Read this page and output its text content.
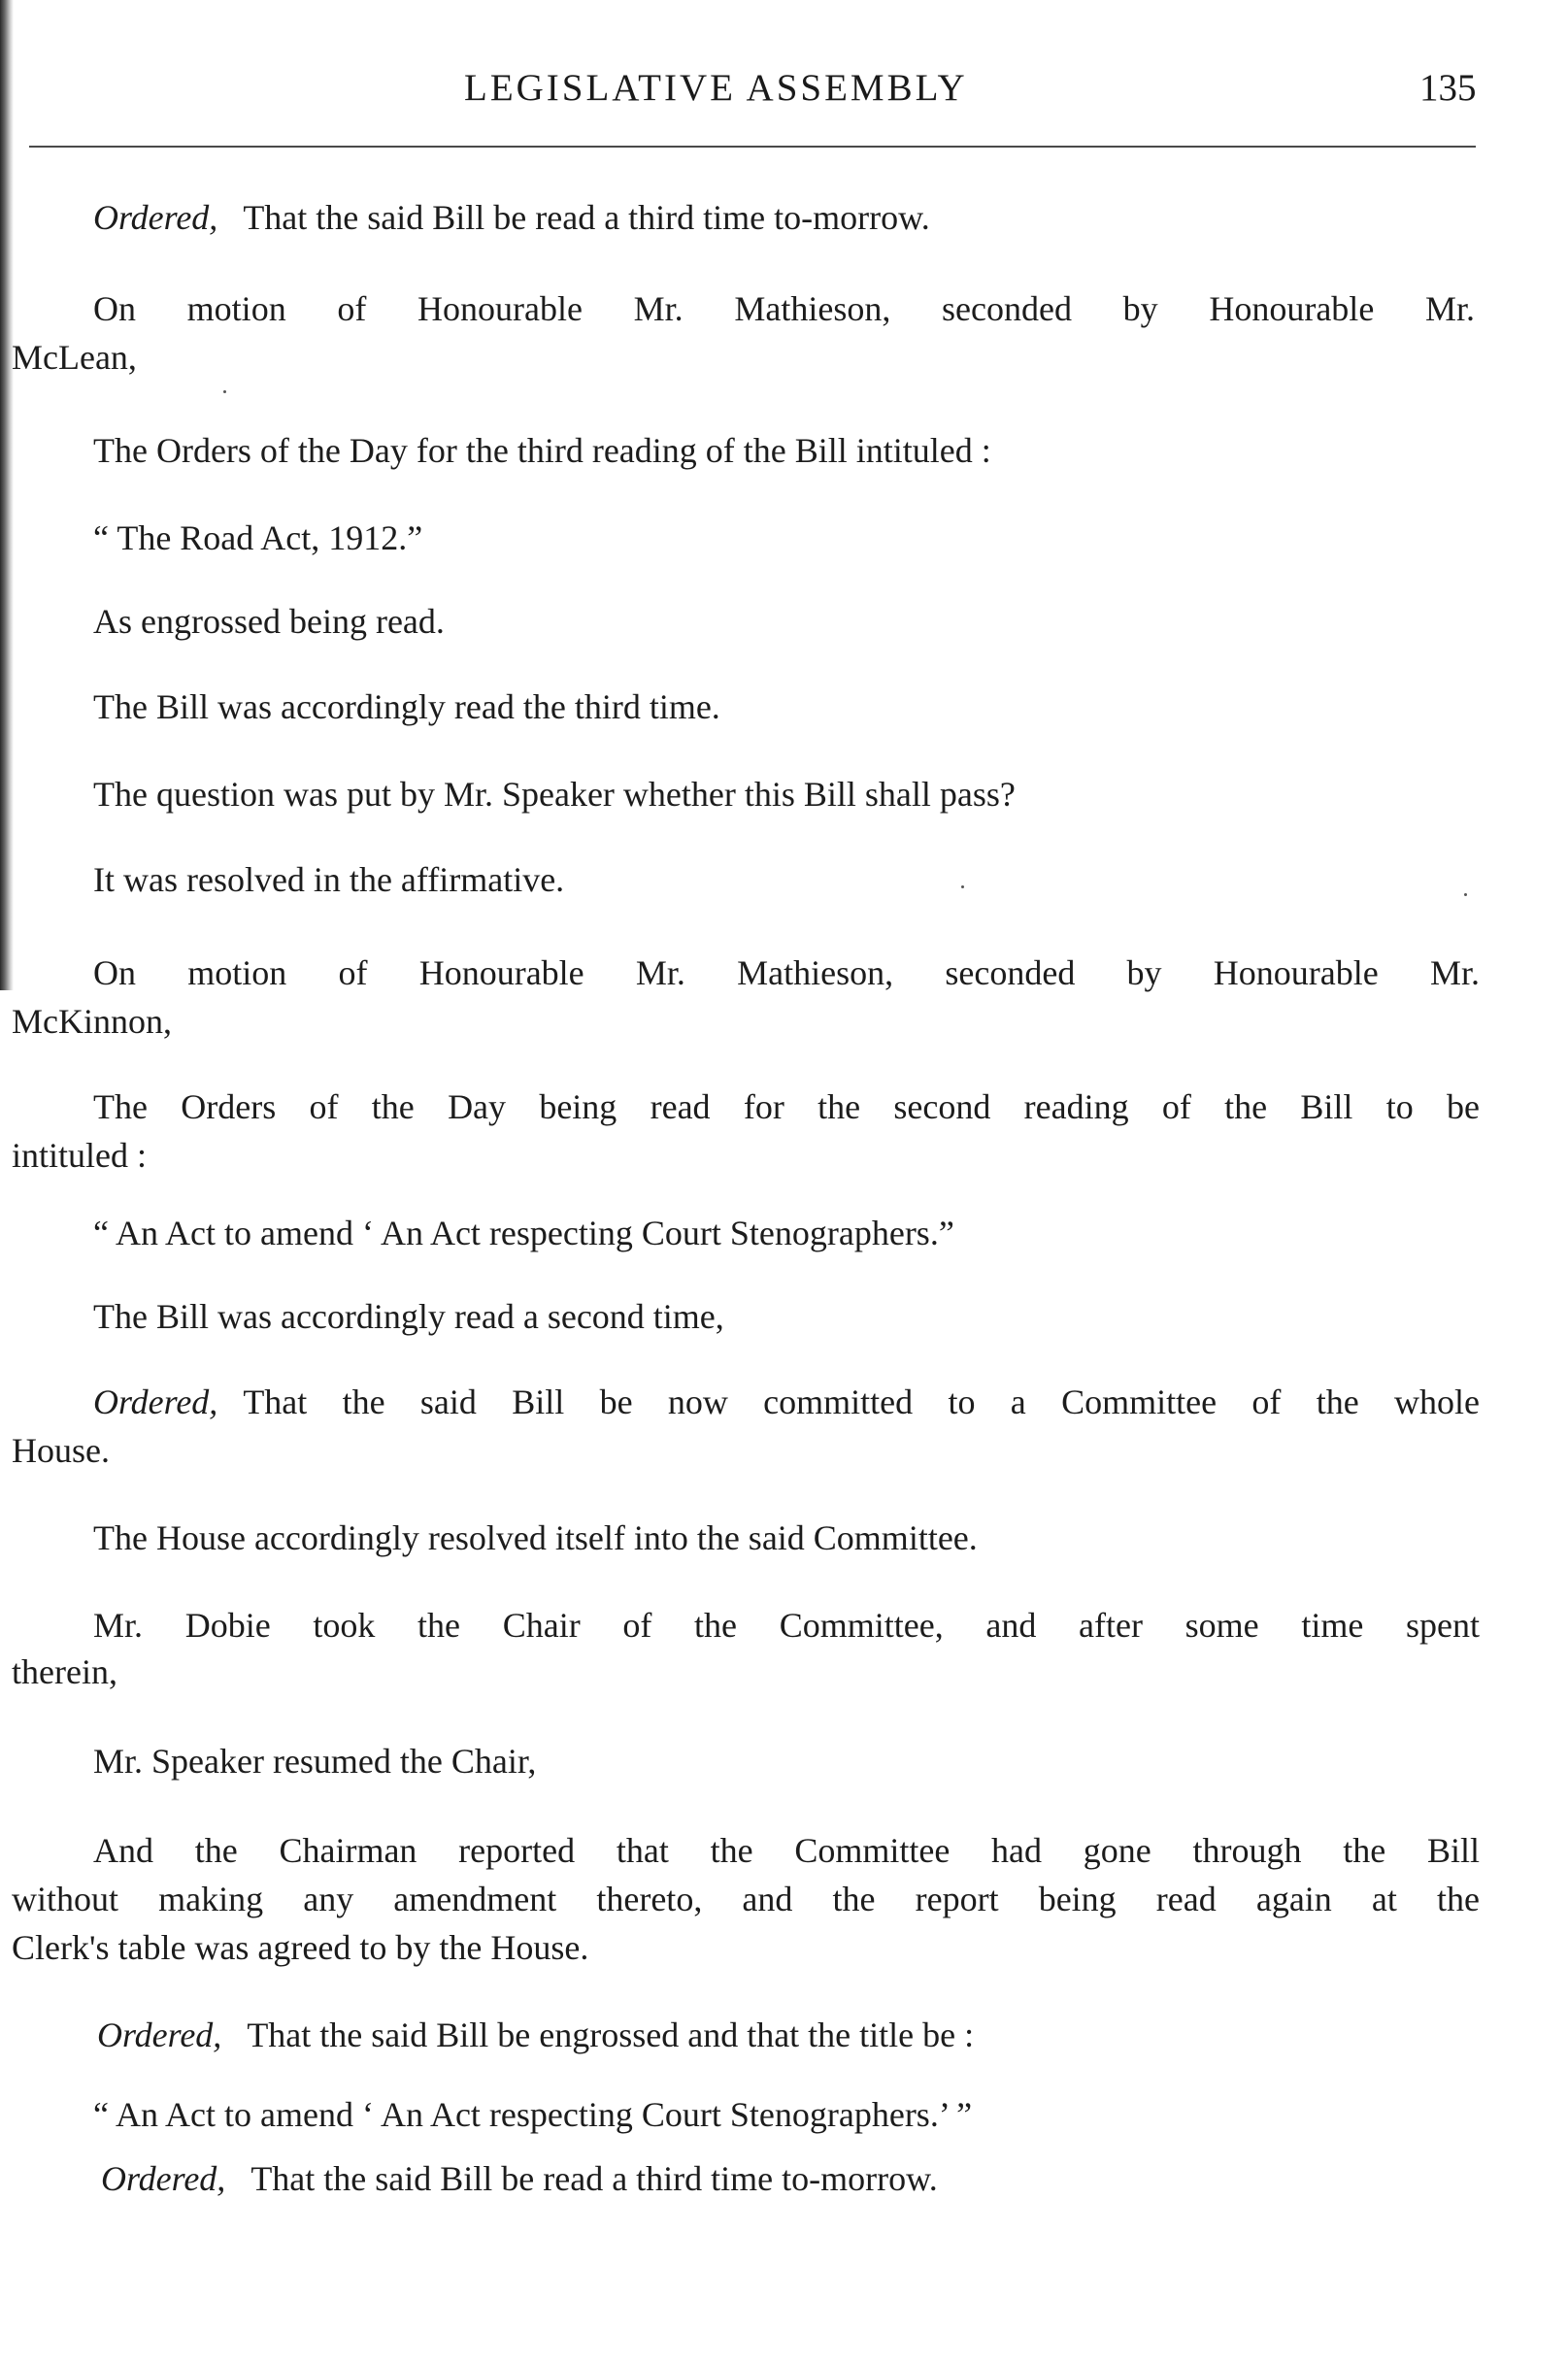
LEGISLATIVE ASSEMBLY	135
Ordered, That the said Bill be read a third time to-morrow.
On motion of Honourable Mr. Mathieson, seconded by Honourable Mr.
McLean,
The Orders of the Day for the third reading of the Bill intituled :
“ The Road Act, 1912.”
As engrossed being read.
The Bill was accordingly read the third time.
The question was put by Mr. Speaker whether this Bill shall pass?
It was resolved in the affirmative.
On motion of Honourable Mr. Mathieson, seconded by Honourable Mr.
McKinnon,
The Orders of the Day being read for the second reading of the Bill to be
intituled :
“ An Act to amend ‘ An Act respecting Court Stenographers.”
The Bill was accordingly read a second time,
Ordered, That the said Bill be now committed to a Committee of the whole
House.
The House accordingly resolved itself into the said Committee.
Mr. Dobie took the Chair of the Committee, and after some time spent
therein,
Mr. Speaker resumed the Chair,
And the Chairman reported that the Committee had gone through the Bill
without making any amendment thereto, and the report being read again at the
Clerk's table was agreed to by the House.
Ordered, That the said Bill be engrossed and that the title be :
“ An Act to amend ‘ An Act respecting Court Stenographers.’ ”
Ordered, That the said Bill be read a third time to-morrow.
